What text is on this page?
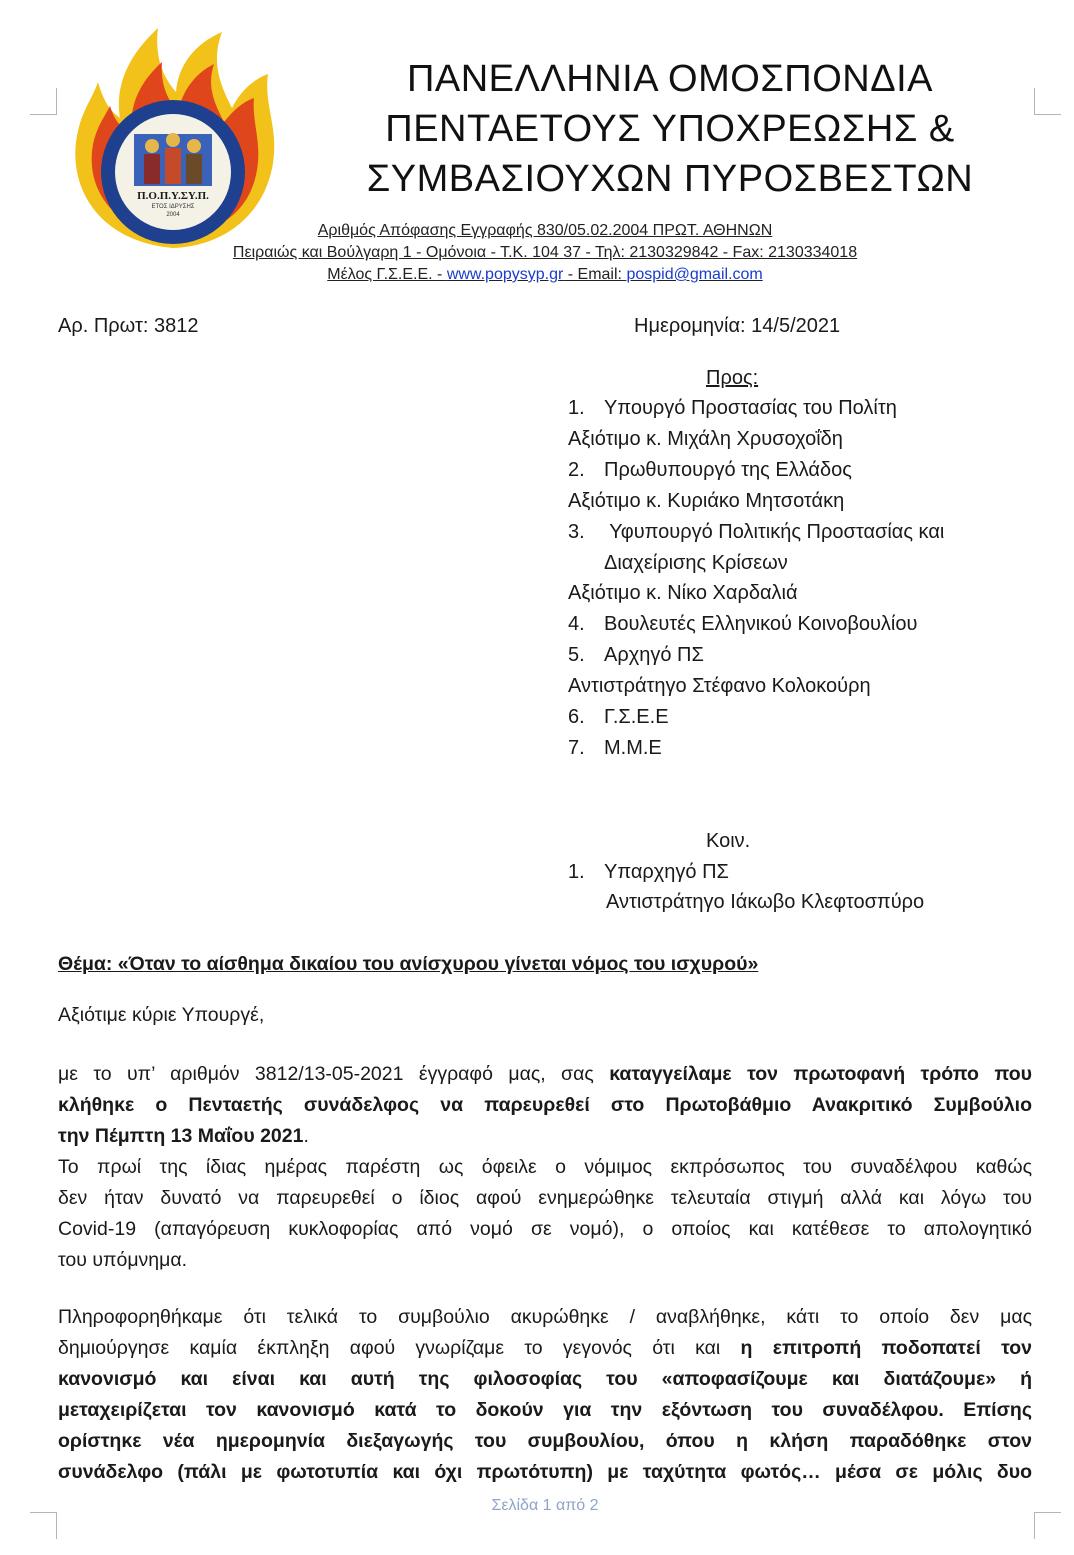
Π.Ο.Π.Υ.ΣΥ.Π.
ΕΤΟΣ ΙΔΡΥΣΗΣ
2004
ΠΑΝΕΛΛΗΝΙΑ ΟΜΟΣΠΟΝΔΙΑ
ΠΕΝΤΑΕΤΟΥΣ ΥΠΟΧΡΕΩΣΗΣ &
ΣΥΜΒΑΣΙΟΥΧΩΝ ΠΥΡΟΣΒΕΣΤΩΝ
Αριθμός Απόφασης Εγγραφής 830/05.02.2004 ΠΡΩΤ. ΑΘΗΝΩΝ
Πειραιώς και Βούλγαρη 1 - Ομόνοια - Τ.Κ. 104 37 - Τηλ: 2130329842 - Fax: 2130334018
Μέλος Γ.Σ.Ε.Ε. - www.popysyp.gr - Email: pospid@gmail.com
Αρ. Πρωτ: 3812	Ημερομηνία: 14/5/2021
Προς:
1. Υπουργό Προστασίας του Πολίτη
Αξιότιμο κ. Μιχάλη Χρυσοχοΐδη
2. Πρωθυπουργό της Ελλάδος
Αξιότιμο κ. Κυριάκο Μητσοτάκη
3. Υφυπουργό Πολιτικής Προστασίας και
Διαχείρισης Κρίσεων
Αξιότιμο κ. Νίκο Χαρδαλιά
4. Βουλευτές Ελληνικού Κοινοβουλίου
5. Αρχηγό ΠΣ
Αντιστράτηγο Στέφανο Κολοκούρη
6. Γ.Σ.Ε.Ε
7. Μ.Μ.Ε
Κοιν.
1. Υπαρχηγό ΠΣ
Αντιστράτηγο Ιάκωβο Κλεφτοσπύρο
Θέμα: «Όταν το αίσθημα δικαίου του ανίσχυρου γίνεται νόμος του ισχυρού»
Αξιότιμε κύριε Υπουργέ,
με το υπ’ αριθμόν 3812/13-05-2021 έγγραφό μας, σας καταγγείλαμε τον πρωτοφανή τρόπο που
κλήθηκε ο Πενταετής συνάδελφος να παρευρεθεί στο Πρωτοβάθμιο Ανακριτικό Συμβούλιο
την Πέμπτη 13 Μαΐου 2021.
Το πρωί της ίδιας ημέρας παρέστη ως όφειλε ο νόμιμος εκπρόσωπος του συναδέλφου καθώς
δεν ήταν δυνατό να παρευρεθεί ο ίδιος αφού ενημερώθηκε τελευταία στιγμή αλλά και λόγω του
Covid-19 (απαγόρευση κυκλοφορίας από νομό σε νομό), ο οποίος και κατέθεσε το απολογητικό
του υπόμνημα.
Πληροφορηθήκαμε ότι τελικά το συμβούλιο ακυρώθηκε / αναβλήθηκε, κάτι το οποίο δεν μας
δημιούργησε καμία έκπληξη αφού γνωρίζαμε το γεγονός ότι και η επιτροπή ποδοπατεί τον
κανονισμό και είναι και αυτή της φιλοσοφίας του «αποφασίζουμε και διατάζουμε» ή
μεταχειρίζεται τον κανονισμό κατά το δοκούν για την εξόντωση του συναδέλφου. Επίσης
ορίστηκε νέα ημερομηνία διεξαγωγής του συμβουλίου, όπου η κλήση παραδόθηκε στον
συνάδελφο (πάλι με φωτοτυπία και όχι πρωτότυπη) με ταχύτητα φωτός… μέσα σε μόλις δυο
Σελίδα 1 από 2
